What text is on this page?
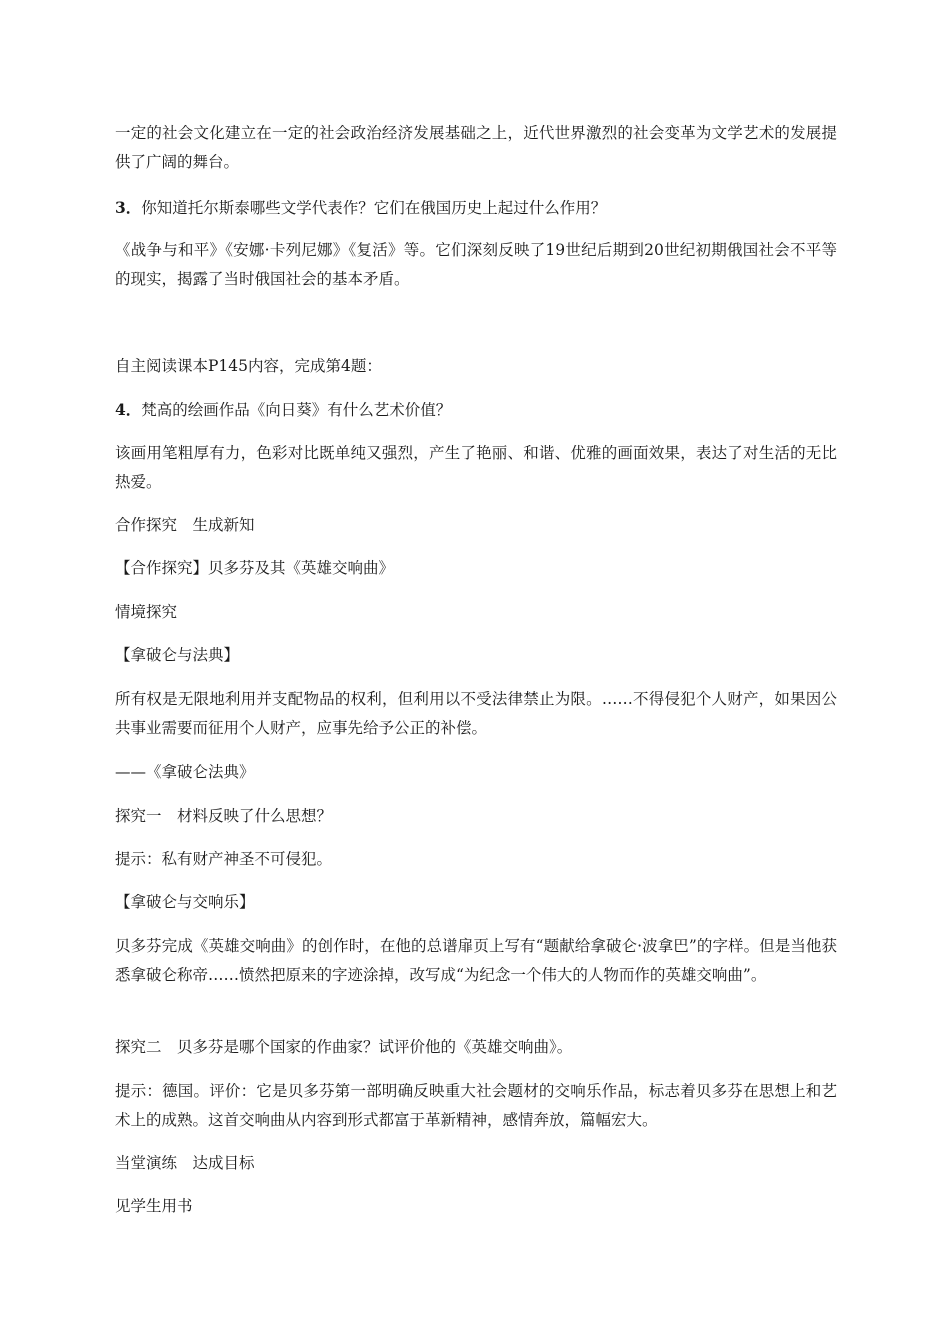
一定的社会文化建立在一定的社会政治经济发展基础之上，近代世界激烈的社会变革为文学艺术的发展提供了广阔的舞台。

3．你知道托尔斯泰哪些文学代表作？它们在俄国历史上起过什么作用？

《战争与和平》《安娜·卡列尼娜》《复活》等。它们深刻反映了19世纪后期到20世纪初期俄国社会不平等的现实，揭露了当时俄国社会的基本矛盾。

自主阅读课本P145内容，完成第4题：

4．梵高的绘画作品《向日葵》有什么艺术价值？

该画用笔粗厚有力，色彩对比既单纯又强烈，产生了艳丽、和谐、优雅的画面效果，表达了对生活的无比热爱。

合作探究　生成新知

【合作探究】贝多芬及其《英雄交响曲》

情境探究

【拿破仑与法典】

所有权是无限地利用并支配物品的权利，但利用以不受法律禁止为限。……不得侵犯个人财产，如果因公共事业需要而征用个人财产，应事先给予公正的补偿。

——《拿破仑法典》

探究一　材料反映了什么思想？

提示：私有财产神圣不可侵犯。

【拿破仑与交响乐】

贝多芬完成《英雄交响曲》的创作时，在他的总谱扉页上写有“题献给拿破仑·波拿巴”的字样。但是当他获悉拿破仑称帝……愤然把原来的字迹涂掉，改写成“为纪念一个伟大的人物而作的英雄交响曲”。

探究二　贝多芬是哪个国家的作曲家？试评价他的《英雄交响曲》。

提示：德国。评价：它是贝多芬第一部明确反映重大社会题材的交响乐作品，标志着贝多芬在思想上和艺术上的成熟。这首交响曲从内容到形式都富于革新精神，感情奔放，篇幅宏大。

当堂演练　达成目标

见学生用书
